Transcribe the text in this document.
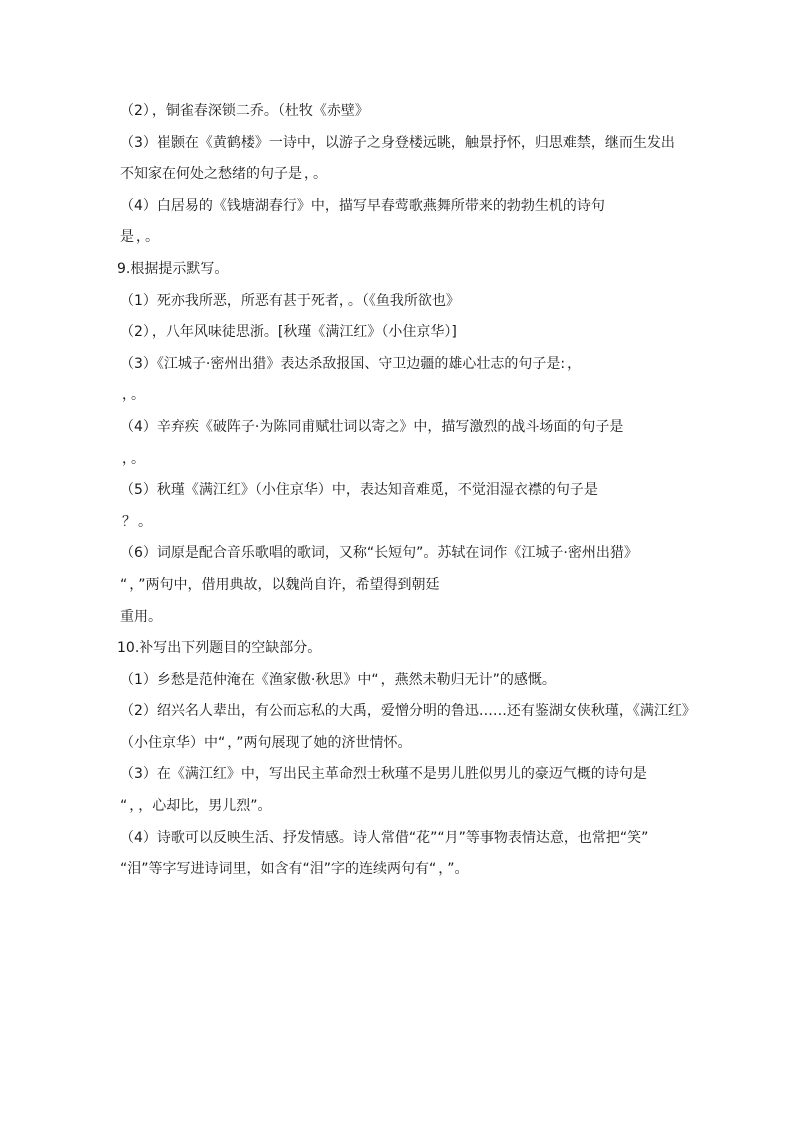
（2） ，铜雀春深锁二乔。（杜牧《赤壁》
（3）崔颢在《黄鹤楼》一诗中，以游子之身登楼远眺，触景抒怀，归思难禁，继而生发出
不知家在何处之愁绪的句子是 ， 。
（4）白居易的《钱塘湖春行》中，描写早春莺歌燕舞所带来的勃勃生机的诗句
是 ， 。
9.根据提示默写。
（1）死亦我所恶，所恶有甚于死者， 。（《鱼我所欲也》
（2） ，八年风味徒思浙。[秋瑾《满江红》（小住京华）]
（3）《江城子·密州出猎》表达杀敌报国、守卫边疆的雄心壮志的句子是: ，
， 。
（4）辛弃疾《破阵子·为陈同甫赋壮词以寄之》中，描写激烈的战斗场面的句子是
， 。
（5）秋瑾《满江红》（小住京华）中，表达知音难觅，不觉泪湿衣襟的句子是
？ 。
（6）词原是配合音乐歌唱的歌词，又称“长短句”。苏轼在词作《江城子·密州出猎》
“ ， ”两句中，借用典故，以魏尚自许，希望得到朝廷
重用。
10.补写出下列题目的空缺部分。
（1）乡愁是范仲淹在《渔家傲·秋思》中“ ，燕然未勒归无计”的感慨。
（2）绍兴名人辈出，有公而忘私的大禹，爱憎分明的鲁迅……还有鉴湖女侠秋瑾，《满江红》
（小住京华）中“ ， ”两句展现了她的济世情怀。
（3）在《满江红》中，写出民主革命烈士秋瑾不是男儿胜似男儿的豪迈气概的诗句是
“ ， ，心却比，男儿烈”。
（4）诗歌可以反映生活、抒发情感。诗人常借“花”“月”等事物表情达意，也常把“笑”
“泪”等字写进诗词里，如含有“泪”字的连续两句有“ ， ”。
